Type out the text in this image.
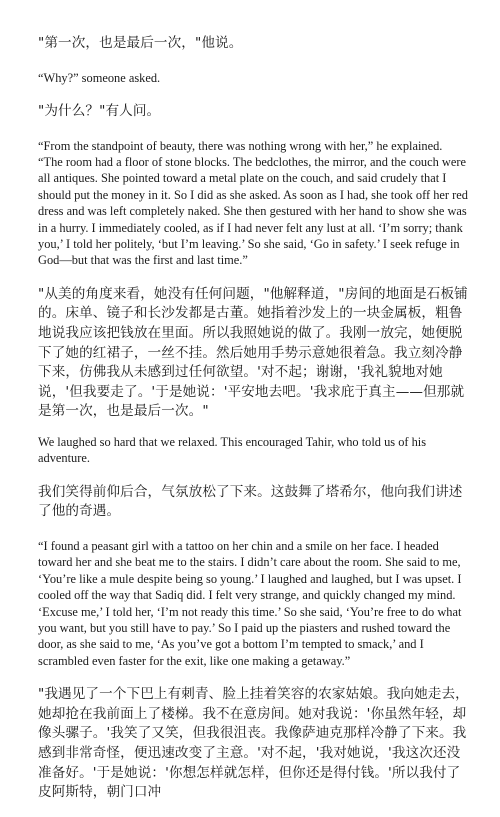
"第一次，也是最后一次，"他说。

“Why?” someone asked.

"为什么？"有人问。

“From the standpoint of beauty, there was nothing wrong with her,” he explained. “The room had a floor of stone blocks. The bedclothes, the mirror, and the couch were all antiques. She pointed toward a metal plate on the couch, and said crudely that I should put the money in it. So I did as she asked. As soon as I had, she took off her red dress and was left completely naked. She then gestured with her hand to show she was in a hurry. I immediately cooled, as if I had never felt any lust at all. ‘I’m sorry; thank you,’ I told her politely, ‘but I’m leaving.’ So she said, ‘Go in safety.’ I seek refuge in God—but that was the first and last time.”

"从美的角度来看，她没有任何问题，"他解释道，"房间的地面是石板铺的。床单、镜子和长沙发都是古董。她指着沙发上的一块金属板，粗鲁地说我应该把钱放在里面。所以我照她说的做了。我刚一放完，她便脱下了她的红裙子，一丝不挂。然后她用手势示意她很着急。我立刻冷静下来，仿佛我从未感到过任何欲望。'对不起；谢谢，'我礼貌地对她说，'但我要走了。'于是她说：'平安地去吧。'我求庇于真主——但那就是第一次，也是最后一次。"

We laughed so hard that we relaxed. This encouraged Tahir, who told us of his adventure.

我们笑得前仰后合，气氛放松了下来。这鼓舞了塔希尔，他向我们讲述了他的奇遇。

“I found a peasant girl with a tattoo on her chin and a smile on her face. I headed toward her and she beat me to the stairs. I didn’t care about the room. She said to me, ‘You’re like a mule despite being so young.’ I laughed and laughed, but I was upset. I cooled off the way that Sadiq did. I felt very strange, and quickly changed my mind. ‘Excuse me,’ I told her, ‘I’m not ready this time.’ So she said, ‘You’re free to do what you want, but you still have to pay.’ So I paid up the piasters and rushed toward the door, as she said to me, ‘As you’ve got a bottom I’m tempted to smack,’ and I scrambled even faster for the exit, like one making a getaway.”

"我遇见了一个下巴上有刺青、脸上挂着笑容的农家姑娘。我向她走去，她却抢在我前面上了楼梯。我不在意房间。她对我说：'你虽然年轻，却像头骡子。'我笑了又笑，但我很沮丧。我像萨迪克那样冷静了下来。我感到非常奇怪，便迅速改变了主意。'对不起，'我对她说，'我这次还没准备好。'于是她说：'你想怎样就怎样，但你还是得付钱。'所以我付了皮阿斯特，朝门口冲
